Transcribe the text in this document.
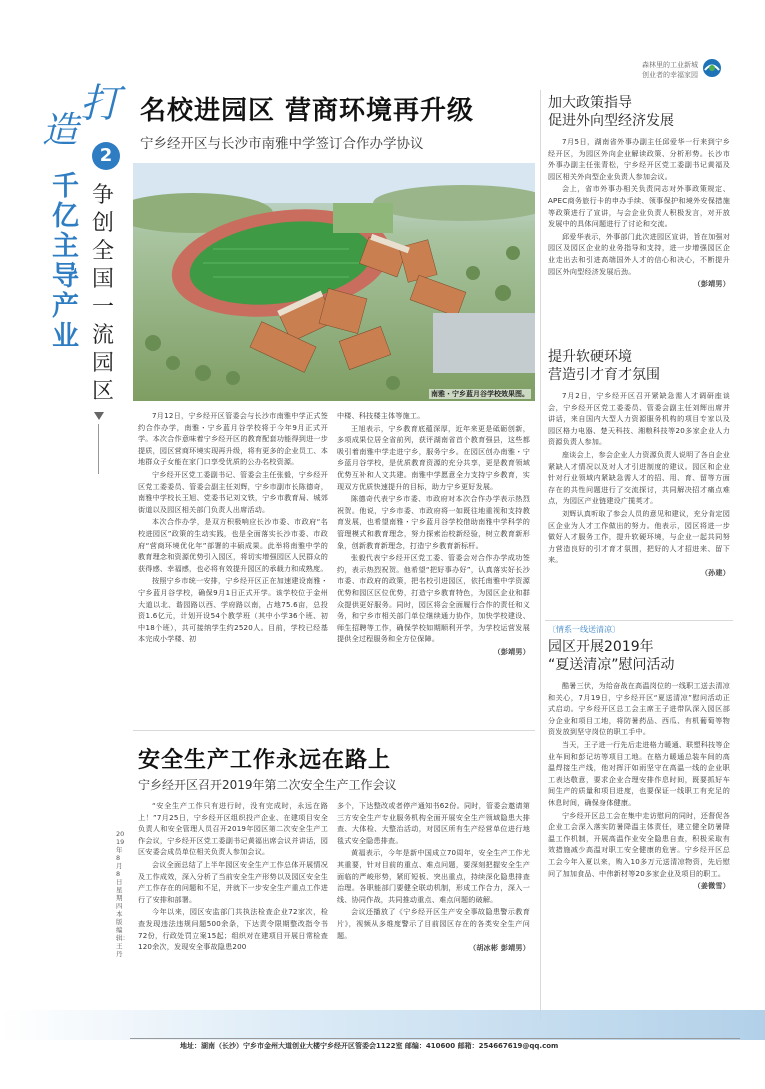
森林里的工业新城
创业者的幸福家园
打
造
2
千亿主导产业
争创全国一流园区
名校进园区 营商环境再升级
宁乡经开区与长沙市南雅中学签订合作办学协议
南雅・宁乡蓝月谷学校效果图。

7月12日，宁乡经开区管委会与长沙市南雅中学正式签约合作办学，南雅・宁乡蓝月谷学校将于今年9月正式开学。本次合作意味着宁乡经开区的教育配套功能得到进一步提质，园区营商环境实现再升级，将有更多的企业员工、本地群众子女能在家门口享受优质的公办名校资源。

宁乡经开区党工委副书记、管委会主任张毅，宁乡经开区党工委委员、管委会副主任刘辉，宁乡市副市长陈德奇，南雅中学校长王旭、党委书记刘文铁，宁乡市教育局、城郊街道以及园区相关部门负责人出席活动。

本次合作办学，是双方积极响应长沙市委、市政府“名校进园区”政策的生动实践，也是全面落实长沙市委、市政府“营商环境优化年”部署的丰硕成果。此举将南雅中学的教育理念和资源优势引入园区，将切实增强园区人民群众的获得感、幸福感，也必将有效提升园区的承载力和成熟度。

按照宁乡市统一安排，宁乡经开区正在加速建设南雅・宁乡蓝月谷学校，确保9月1日正式开学。该学校位于金州大道以北、谐园路以西、学府路以南，占地75.6亩，总投资1.6亿元，计划开设54个教学班（其中小学36个班、初中18个班），共可接纳学生约2520人。目前，学校已经基本完成小学楼、初

中楼、科技楼主体等施工。

王旭表示，宁乡教育底蕴深厚，近年来更是砥砺创新，多项成果位居全省前列，获评湖南省首个教育强县，这些都吸引着南雅中学走进宁乡，服务宁乡。在园区创办南雅・宁乡蓝月谷学校，是优质教育资源的充分共享，更是教育领域优势互补和人文共建。南雅中学愿意全力支持宁乡教育，实现双方优质快速提升的目标，助力宁乡更好发展。

陈德奇代表宁乡市委、市政府对本次合作办学表示热烈祝贺。他说，宁乡市委、市政府将一如既往地重视和支持教育发展，也希望南雅・宁乡蓝月谷学校借助南雅中学科学的管理模式和教育理念，努力探索治校新经验，树立教育新形象，创新教育新理念，打造宁乡教育新标杆。

张毅代表宁乡经开区党工委、管委会对合作办学成功签约，表示热烈祝贺。他希望“把好事办好”，认真落实好长沙市委、市政府的政策，把名校引进园区，依托南雅中学资源优势和园区区位优势，打造宁乡教育特色，为园区企业和群众提供更好服务。同时，园区将会全面履行合作的责任和义务，和宁乡市相关部门单位继续通力协作，加快学校建设、师生招聘等工作，确保学校如期顺利开学，为学校运营发展提供全过程服务和全方位保障。

（彭靖男）
安全生产工作永远在路上
宁乡经开区召开2019年第二次安全生产工作会议

“安全生产工作只有进行时，没有完成时，永远在路上！”7月25日，宁乡经开区组织投产企业、在建项目安全负责人和安全管理人员召开2019年园区第二次安全生产工作会议，宁乡经开区党工委副书记黄福出席会议并讲话，园区安委会成员单位相关负责人参加会议。

会议全面总结了上半年园区安全生产工作总体开展情况及工作成效，深入分析了当前安全生产形势以及园区安全生产工作存在的问题和不足，并就下一步安全生产重点工作进行了安排和部署。

今年以来，园区安监部门共执法检查企业72家次，检查发现违法违规问题500余条，下达责令限期整改指令书72份，行政处罚立案15起；组织对在建项目开展日常检查120余次，发现安全事故隐患200

多个，下达整改或者停产通知书62份。同时，管委会邀请第三方安全生产专业服务机构全面开展安全生产领域隐患大排查、大体检、大整治活动，对园区所有生产经营单位进行地毯式安全隐患排查。

黄福表示，今年是新中国成立70周年，安全生产工作尤其重要，针对目前的重点、难点问题，要深刻把握安全生产面临的严峻形势，紧盯短板、突出重点，持续深化隐患排查治理。各职能部门要健全联动机制，形成工作合力，深入一线、协同作战，共同推动重点、难点问题的破解。

会议还播放了《宁乡经开区生产安全事故隐患警示教育片》，视频从多维度警示了目前园区存在的各类安全生产问题。

（胡冰彬 彭靖男）
加大政策指导
促进外向型经济发展

7月5日，湖南省外事办副主任邱爱华一行来到宁乡经开区，为园区外向企业解读政策、分析形势。长沙市外事办副主任张青松，宁乡经开区党工委副书记黄福及园区相关外向型企业负责人参加会议。

会上，省市外事办相关负责同志对外事政策规定、APEC商务旅行卡的申办手续、领事保护和境外安保措施等政策进行了宣讲，与会企业负责人积极发言，对开放发展中的具体问题进行了讨论和交流。

邱爱华表示，外事部门此次进园区宣讲，旨在加强对园区及园区企业的业务指导和支持，进一步增强园区企业走出去和引进高端国外人才的信心和决心，不断提升园区外向型经济发展后劲。

（彭靖男）
提升软硬环境
营造引才育才氛围

7月2日，宁乡经开区召开紧缺急需人才调研座谈会，宁乡经开区党工委委员、管委会副主任刘辉出席并讲话，来自国内大型人力资源服务机构的项目专家以及园区格力电器、楚天科技、湘粮科技等20多家企业人力资源负责人参加。

座谈会上，参会企业人力资源负责人说明了各自企业紧缺人才情况以及对人才引进制度的建议。园区和企业针对行业领域内紧缺急需人才的招、用、育、留等方面存在的共性问题进行了交流探讨，共同解决招才痛点难点，为园区产业链建设广揽英才。

刘辉认真听取了参会人员的意见和建议，充分肯定园区企业为人才工作做出的努力。他表示，园区将进一步做好人才服务工作，提升软硬环境，与企业一起共同努力营造良好的引才育才氛围，把好的人才招进来、留下来。

（孙建）
〔情系一线送清凉〕
园区开展2019年
“夏送清凉”慰问活动

酷暑三伏，为给奋战在高温岗位的一线职工送去清凉和关心，7月19日，宁乡经开区“夏送清凉”慰问活动正式启动。宁乡经开区总工会主席王子进带队深入园区部分企业和项目工地，将防暑药品、西瓜、有机葡萄等物资发放到坚守岗位的职工手中。

当天，王子进一行先后走进格力暖通、联塑科技等企业车间和彭记坊等项目工地。在格力暖通总装车间的高温焊接生产线，他对挥汗如雨坚守在高温一线的企业职工表达敬意，要求企业合理安排作息时间，既要抓好车间生产的质量和项目进度，也要保证一线职工有充足的休息时间，确保身体健康。

宁乡经开区总工会在集中走访慰问的同时，还督促各企业工会深入落实防暑降温主体责任，建立健全防暑降温工作机制，开展高温作业安全隐患自查，积极采取有效措施减少高温对职工安全健康的危害。宁乡经开区总工会今年入夏以来，购入10多万元送清凉物资，先后慰问了加加食品、中伟新材等20多家企业及项目的职工。

（姜微雪）
2019年8月8日 星期四 本版编辑：王丹
地址：湖南（长沙）宁乡市金州大道创业大楼宁乡经开区管委会1122室 邮编：410600 邮箱：254667619@qq.com
